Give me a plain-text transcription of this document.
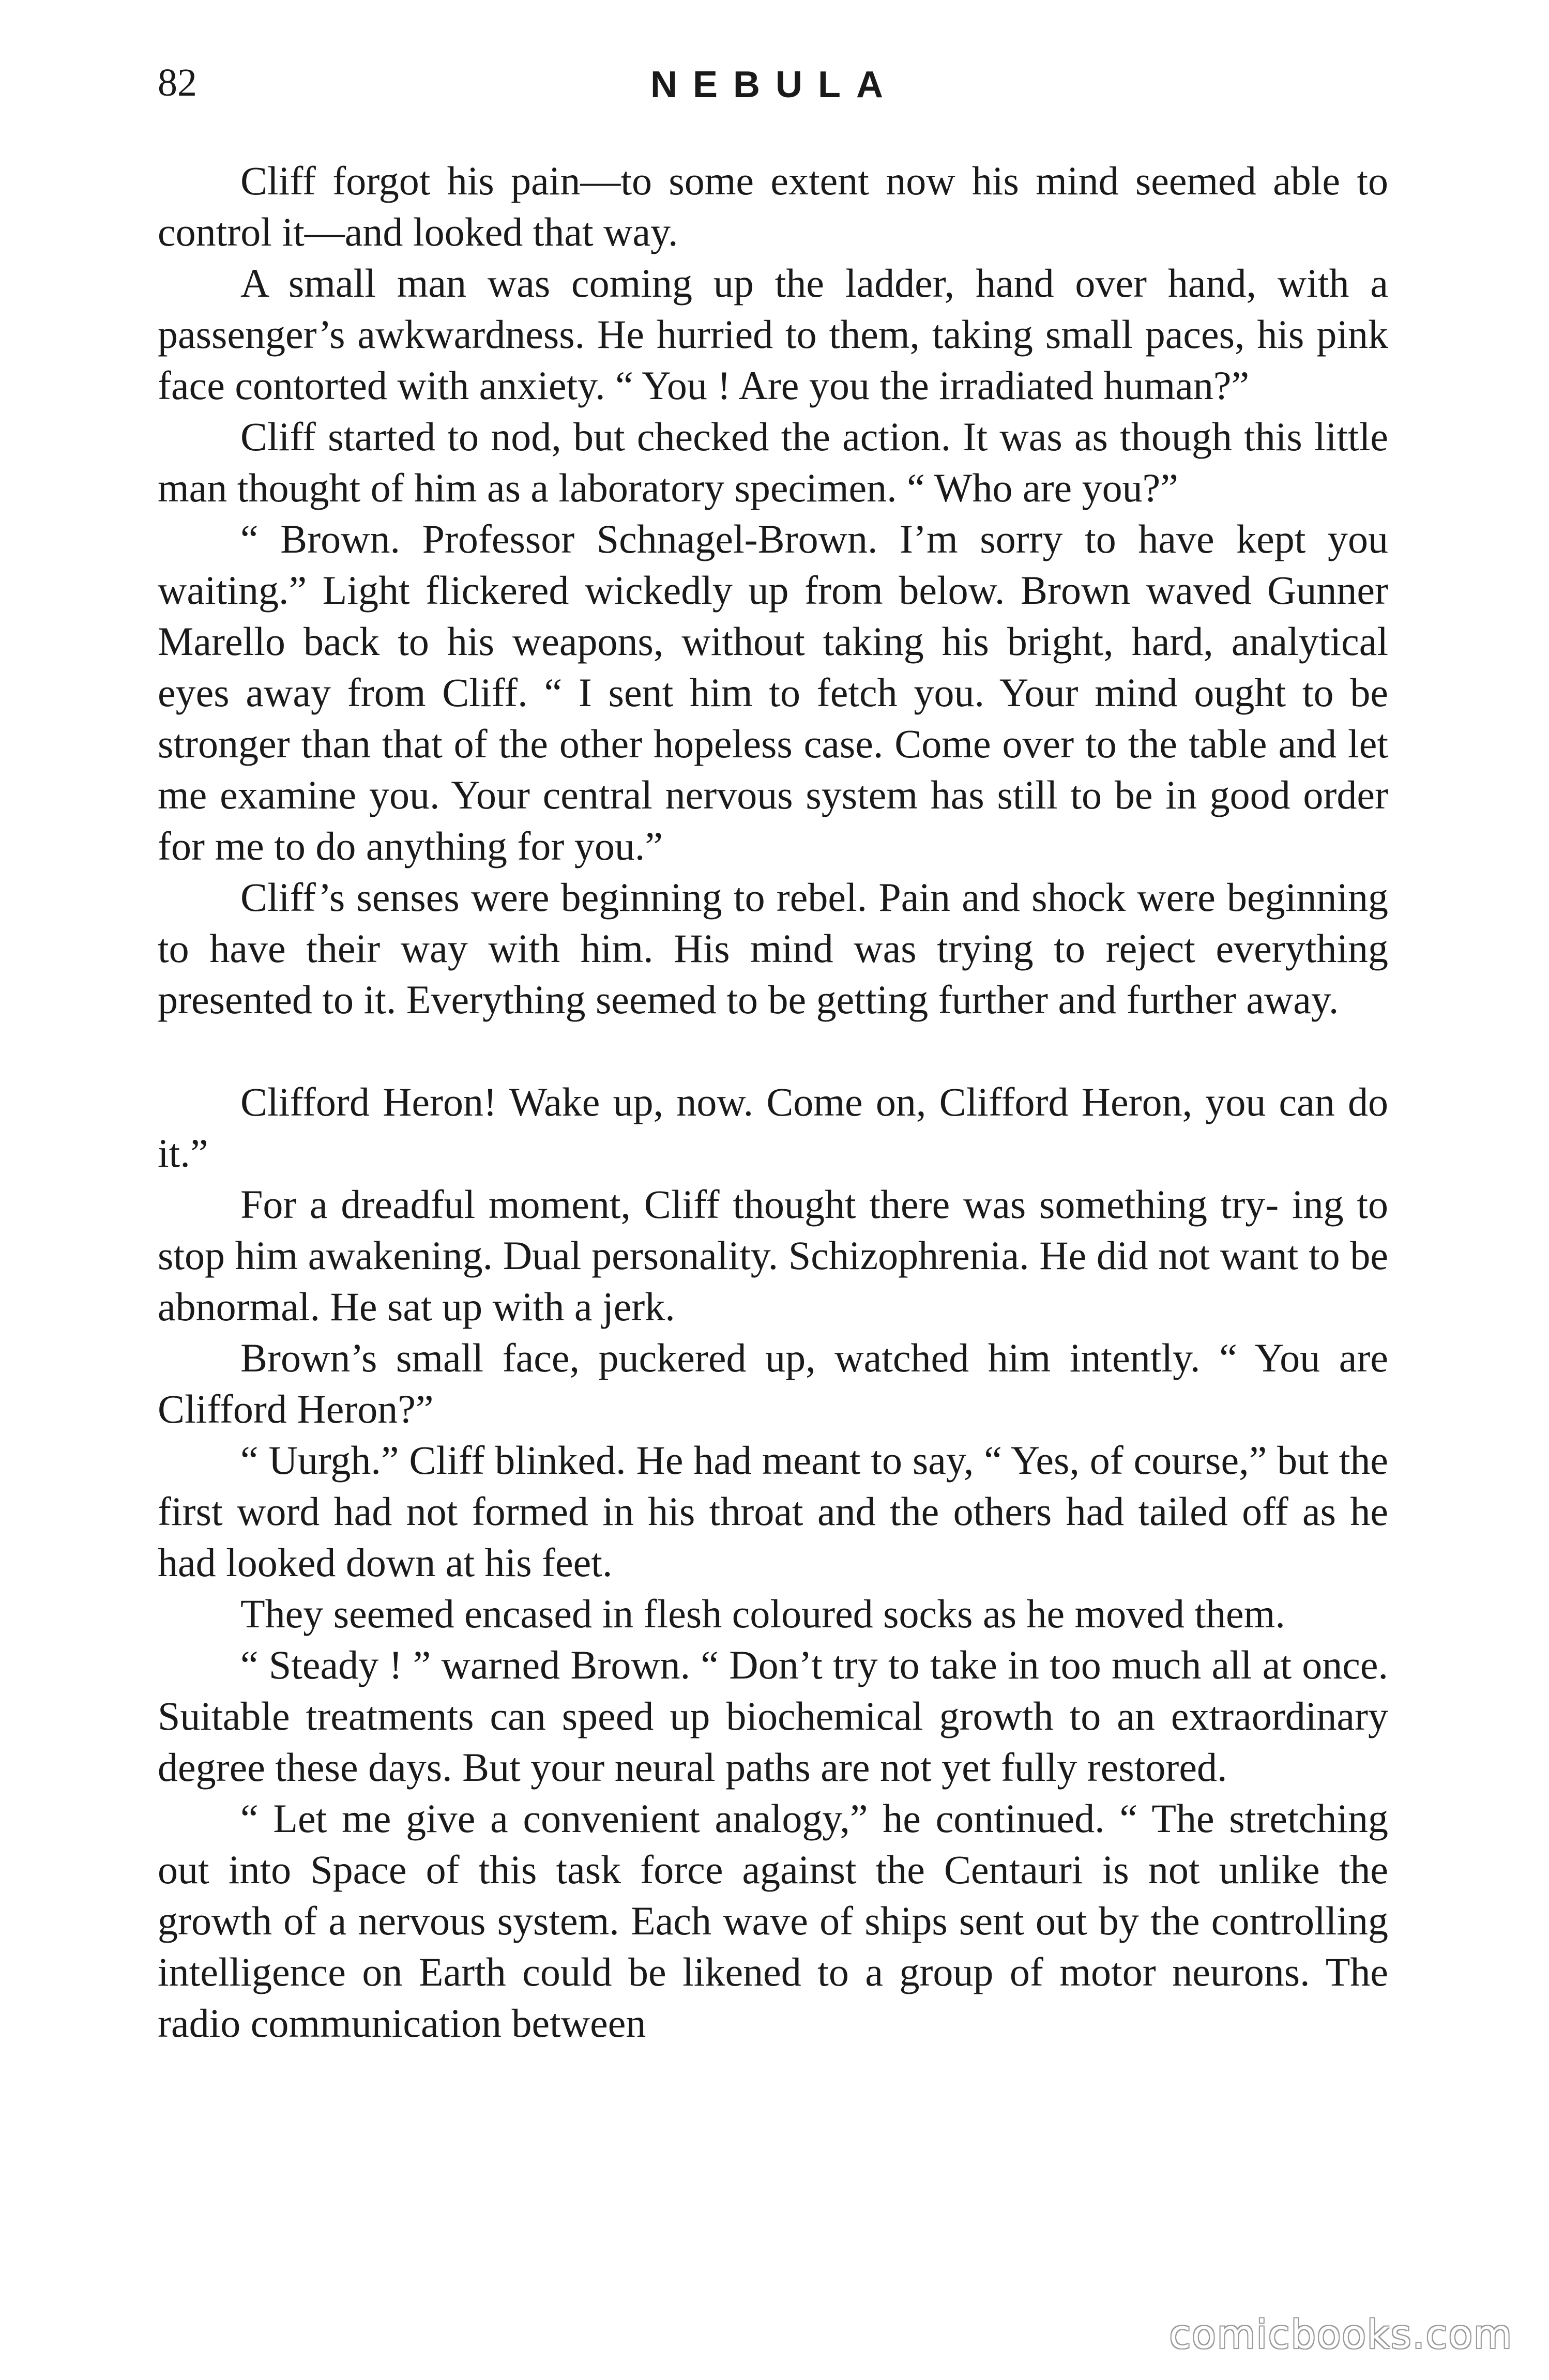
82	NEBULA

Cliff forgot his pain—to some extent now his mind seemed able to control it—and looked that way.

A small man was coming up the ladder, hand over hand, with a passenger’s awkwardness. He hurried to them, taking small paces, his pink face contorted with anxiety. “ You ! Are you the irradiated human?”

Cliff started to nod, but checked the action. It was as though this little man thought of him as a laboratory specimen. “ Who are you?”

“ Brown. Professor Schnagel-Brown. I’m sorry to have kept you waiting.” Light flickered wickedly up from below. Brown waved Gunner Marello back to his weapons, without taking his bright, hard, analytical eyes away from Cliff. “ I sent him to fetch you. Your mind ought to be stronger than that of the other hopeless case. Come over to the table and let me examine you. Your central nervous system has still to be in good order for me to do anything for you.”

Cliff’s senses were beginning to rebel. Pain and shock were beginning to have their way with him. His mind was trying to reject everything presented to it. Everything seemed to be getting further and further away.

Clifford Heron! Wake up, now. Come on, Clifford Heron, you can do it.”

For a dreadful moment, Cliff thought there was something try- ing to stop him awakening. Dual personality. Schizophrenia. He did not want to be abnormal. He sat up with a jerk.

Brown’s small face, puckered up, watched him intently. “ You are Clifford Heron?”

“ Uurgh.” Cliff blinked. He had meant to say, “ Yes, of course,” but the first word had not formed in his throat and the others had tailed off as he had looked down at his feet.

They seemed encased in flesh coloured socks as he moved them.

“ Steady ! ” warned Brown. “ Don’t try to take in too much all at once. Suitable treatments can speed up biochemical growth to an extraordinary degree these days. But your neural paths are not yet fully restored.

“ Let me give a convenient analogy,” he continued. “ The stretching out into Space of this task force against the Centauri is not unlike the growth of a nervous system. Each wave of ships sent out by the controlling intelligence on Earth could be likened to a group of motor neurons. The radio communication between

comicbooks.com
